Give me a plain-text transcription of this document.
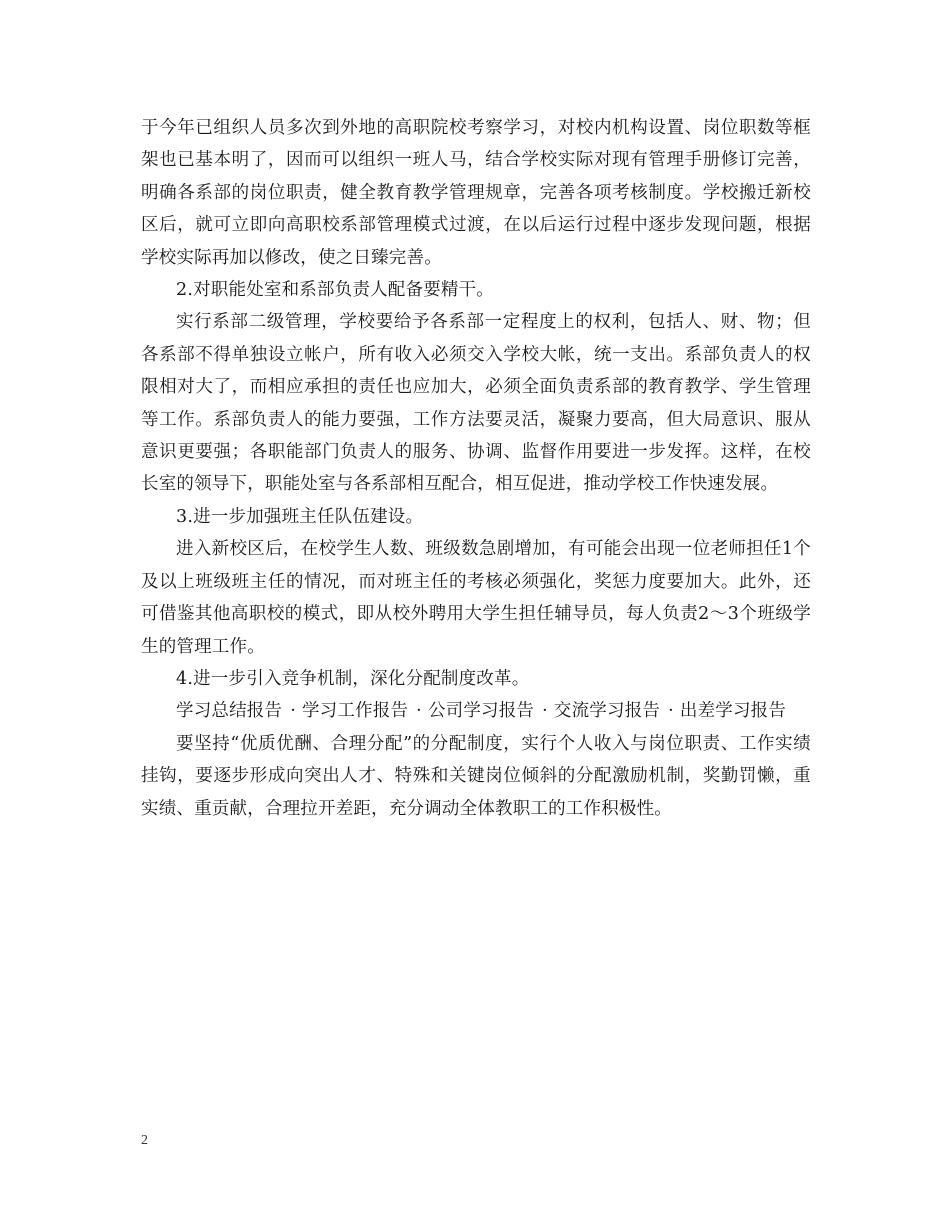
于今年已组织人员多次到外地的高职院校考察学习，对校内机构设置、岗位职数等框架也已基本明了，因而可以组织一班人马，结合学校实际对现有管理手册修订完善，明确各系部的岗位职责，健全教育教学管理规章，完善各项考核制度。学校搬迁新校区后，就可立即向高职校系部管理模式过渡，在以后运行过程中逐步发现问题，根据学校实际再加以修改，使之日臻完善。

2.对职能处室和系部负责人配备要精干。

实行系部二级管理，学校要给予各系部一定程度上的权利，包括人、财、物；但各系部不得单独设立帐户，所有收入必须交入学校大帐，统一支出。系部负责人的权限相对大了，而相应承担的责任也应加大，必须全面负责系部的教育教学、学生管理等工作。系部负责人的能力要强，工作方法要灵活，凝聚力要高，但大局意识、服从意识更要强；各职能部门负责人的服务、协调、监督作用要进一步发挥。这样，在校长室的领导下，职能处室与各系部相互配合，相互促进，推动学校工作快速发展。

3.进一步加强班主任队伍建设。

进入新校区后，在校学生人数、班级数急剧增加，有可能会出现一位老师担任1个及以上班级班主任的情况，而对班主任的考核必须强化，奖惩力度要加大。此外，还可借鉴其他高职校的模式，即从校外聘用大学生担任辅导员，每人负责2～3个班级学生的管理工作。

4.进一步引入竞争机制，深化分配制度改革。

学习总结报告 · 学习工作报告 · 公司学习报告 · 交流学习报告 · 出差学习报告

要坚持“优质优酬、合理分配”的分配制度，实行个人收入与岗位职责、工作实绩挂钩，要逐步形成向突出人才、特殊和关键岗位倾斜的分配激励机制，奖勤罚懒，重实绩、重贡献，合理拉开差距，充分调动全体教职工的工作积极性。

2
